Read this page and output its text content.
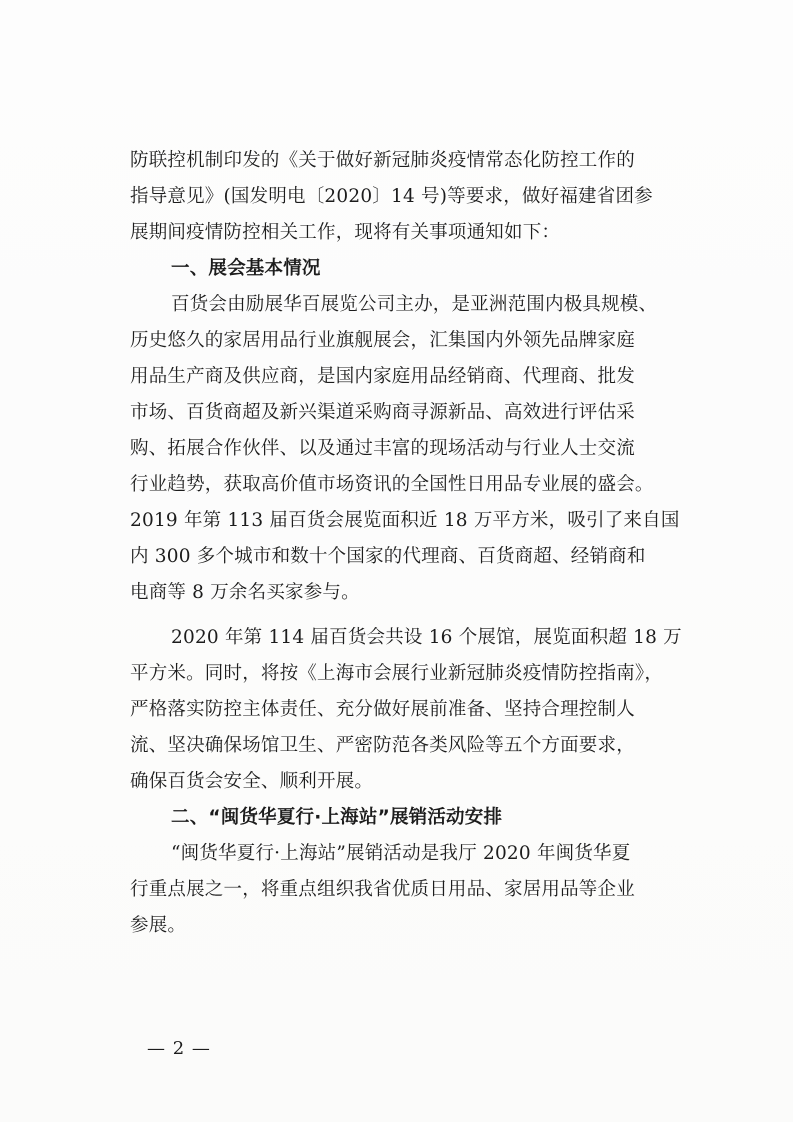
防联控机制印发的《关于做好新冠肺炎疫情常态化防控工作的
指导意见》(国发明电〔2020〕14 号)等要求，做好福建省团参
展期间疫情防控相关工作，现将有关事项通知如下：
一、展会基本情况
百货会由励展华百展览公司主办，是亚洲范围内极具规模、
历史悠久的家居用品行业旗舰展会，汇集国内外领先品牌家庭
用品生产商及供应商，是国内家庭用品经销商、代理商、批发
市场、百货商超及新兴渠道采购商寻源新品、高效进行评估采
购、拓展合作伙伴、以及通过丰富的现场活动与行业人士交流
行业趋势，获取高价值市场资讯的全国性日用品专业展的盛会。
2019 年第 113 届百货会展览面积近 18 万平方米，吸引了来自国
内 300 多个城市和数十个国家的代理商、百货商超、经销商和
电商等 8 万余名买家参与。
2020 年第 114 届百货会共设 16 个展馆，展览面积超 18 万
平方米。同时，将按《上海市会展行业新冠肺炎疫情防控指南》，
严格落实防控主体责任、充分做好展前准备、坚持合理控制人
流、坚决确保场馆卫生、严密防范各类风险等五个方面要求，
确保百货会安全、顺利开展。
二、“闽货华夏行·上海站”展销活动安排
“闽货华夏行·上海站”展销活动是我厅 2020 年闽货华夏
行重点展之一，将重点组织我省优质日用品、家居用品等企业
参展。
— 2 —
